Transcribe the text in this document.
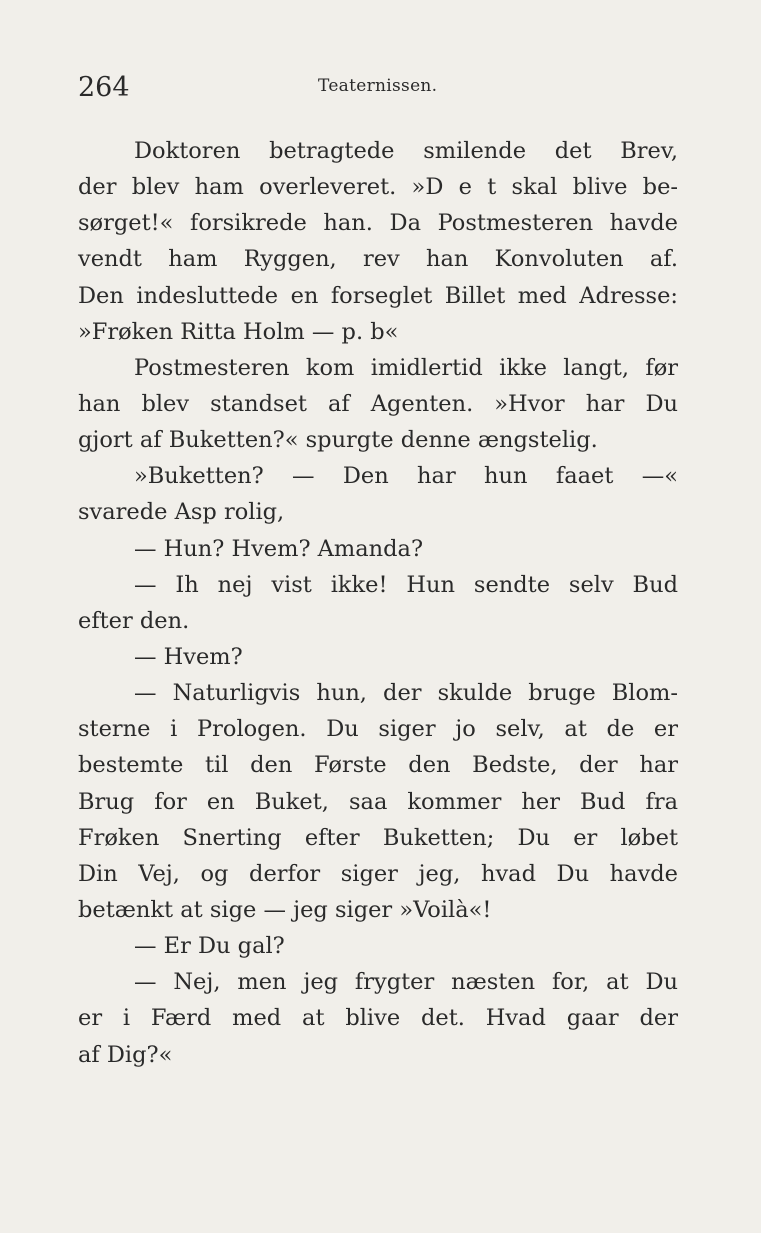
264	Teaternissen.
Doktoren betragtede smilende det Brev,
der blev ham overleveret. »D e t skal blive be-
sørget!« forsikrede han. Da Postmesteren havde
vendt ham Ryggen, rev han Konvoluten af.
Den indesluttede en forseglet Billet med Adresse:
»Frøken Ritta Holm — p. b«
Postmesteren kom imidlertid ikke langt, før
han blev standset af Agenten. »Hvor har Du
gjort af Buketten?« spurgte denne ængstelig.
»Buketten? — Den har hun faaet —«
svarede Asp rolig,
— Hun? Hvem? Amanda?
— Ih nej vist ikke! Hun sendte selv Bud
efter den.
— Hvem?
— Naturligvis hun, der skulde bruge Blom-
sterne i Prologen. Du siger jo selv, at de er
bestemte til den Første den Bedste, der har
Brug for en Buket, saa kommer her Bud fra
Frøken Snerting efter Buketten; Du er løbet
Din Vej, og derfor siger jeg, hvad Du havde
betænkt at sige — jeg siger »Voilà«!
— Er Du gal?
— Nej, men jeg frygter næsten for, at Du
er i Færd med at blive det. Hvad gaar der
af Dig?«
